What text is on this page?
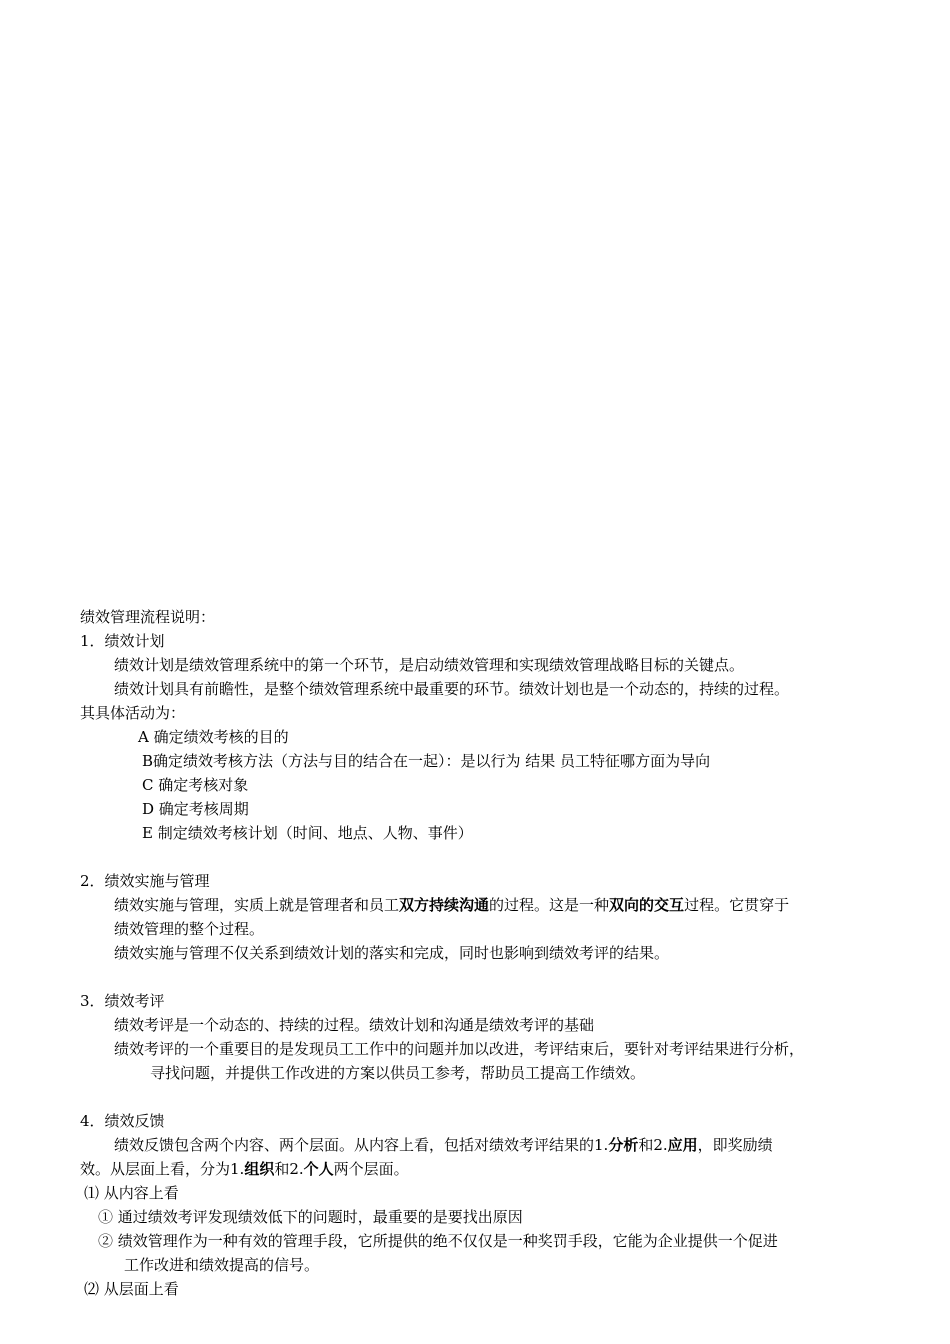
绩效管理流程说明：
1．绩效计划
绩效计划是绩效管理系统中的第一个环节，是启动绩效管理和实现绩效管理战略目标的关键点。
绩效计划具有前瞻性，是整个绩效管理系统中最重要的环节。绩效计划也是一个动态的，持续的过程。
其具体活动为：
A 确定绩效考核的目的
B确定绩效考核方法（方法与目的结合在一起）：是以行为 结果 员工特征哪方面为导向
C 确定考核对象
D 确定考核周期
E 制定绩效考核计划（时间、地点、人物、事件）
2．绩效实施与管理
绩效实施与管理，实质上就是管理者和员工双方持续沟通的过程。这是一种双向的交互过程。它贯穿于
绩效管理的整个过程。
绩效实施与管理不仅关系到绩效计划的落实和完成，同时也影响到绩效考评的结果。
3．绩效考评
绩效考评是一个动态的、持续的过程。绩效计划和沟通是绩效考评的基础
绩效考评的一个重要目的是发现员工工作中的问题并加以改进，考评结束后，要针对考评结果进行分析，
寻找问题，并提供工作改进的方案以供员工参考，帮助员工提高工作绩效。
4．绩效反馈
绩效反馈包含两个内容、两个层面。从内容上看，包括对绩效考评结果的1.分析和2.应用，即奖励绩
效。从层面上看，分为1.组织和2.个人两个层面。
⑴ 从内容上看
① 通过绩效考评发现绩效低下的问题时，最重要的是要找出原因
② 绩效管理作为一种有效的管理手段，它所提供的绝不仅仅是一种奖罚手段，它能为企业提供一个促进
工作改进和绩效提高的信号。
⑵ 从层面上看
